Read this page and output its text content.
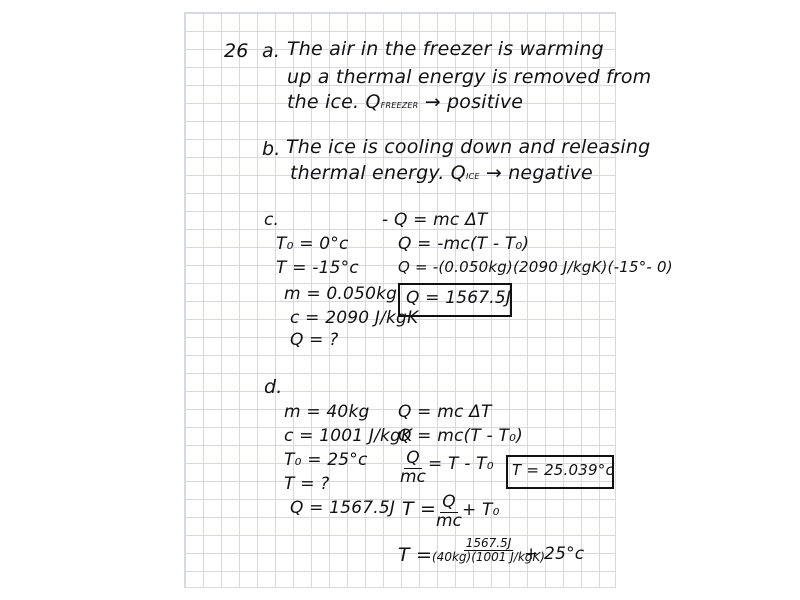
26 a. The air in the freezer is warming
up a thermal energy is removed from
the ice. QFREEZER → positive
b. The ice is cooling down and releasing
thermal energy. QICE → negative
c.
T₀ = 0°c
T = -15°c
m = 0.050kg
c = 2090 J/kgK
Q = ?
- Q = mc ΔT
Q = -mc(T - T₀)
Q = -(0.050kg)(2090 J/kgK)(-15°- 0)
Q = 1567.5J
d.
m = 40kg
c = 1001 J/kgK
T₀ = 25°c
T = ?
Q = 1567.5J
Q = mc ΔT
Q = mc(T - T₀)
$\frac{Q}{mc} = T - T_0$
T =
$\frac{Q}{mc}$
+ T₀
T =
1567.5J
(40kg)(1001 J/kgK)
+ 25°c
T = 25.039°c
